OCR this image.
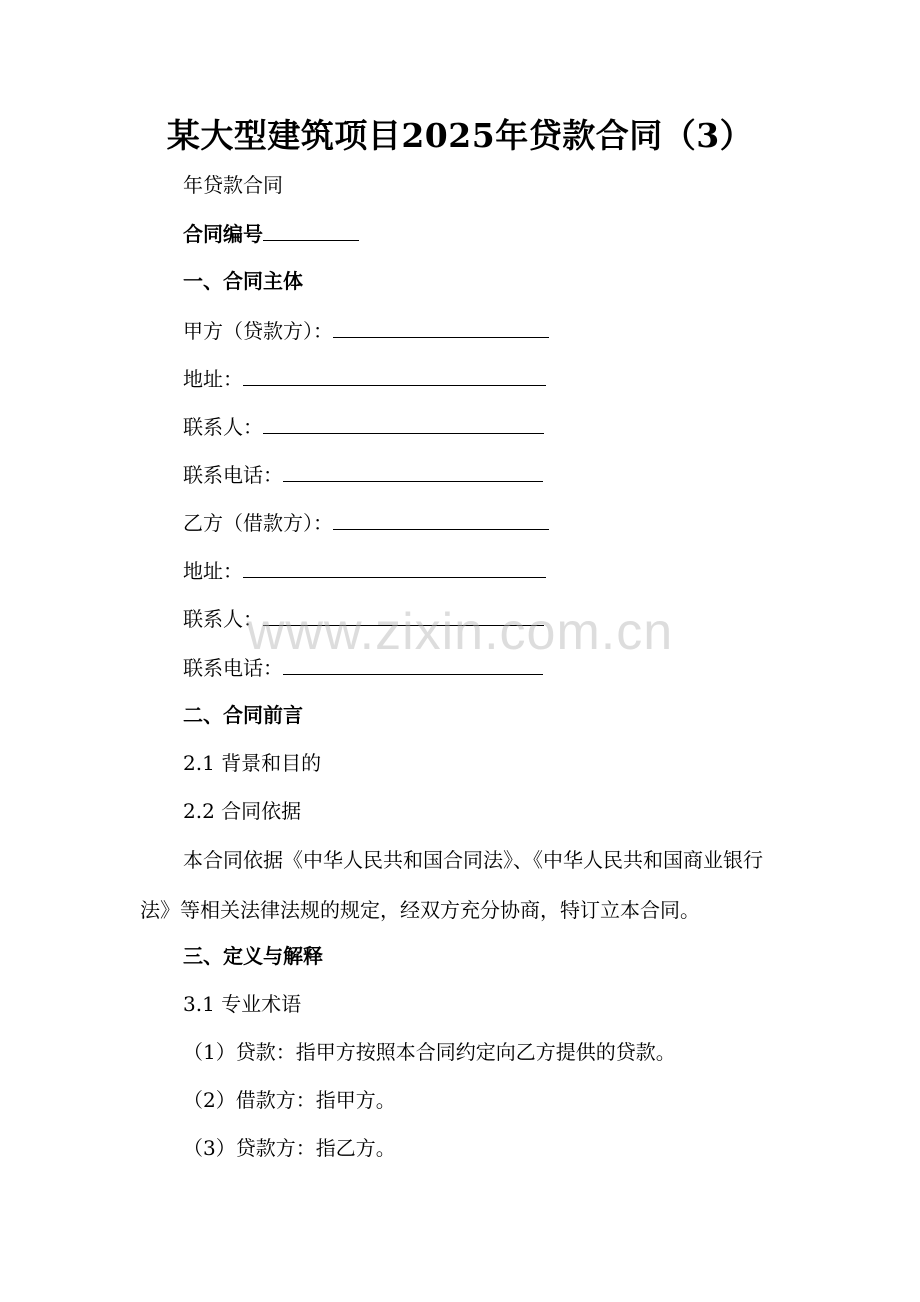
某大型建筑项目2025年贷款合同（3）
年贷款合同
合同编号
一、合同主体
甲方（贷款方）：
地址：
联系人：
联系电话：
乙方（借款方）：
地址：
联系人：
联系电话：
二、合同前言
2.1 背景和目的
2.2 合同依据
本合同依据《中华人民共和国合同法》、《中华人民共和国商业银行法》等相关法律法规的规定，经双方充分协商，特订立本合同。
三、定义与解释
3.1 专业术语
（1）贷款：指甲方按照本合同约定向乙方提供的贷款。
（2）借款方：指甲方。
（3）贷款方：指乙方。
www.zixin.com.cn
